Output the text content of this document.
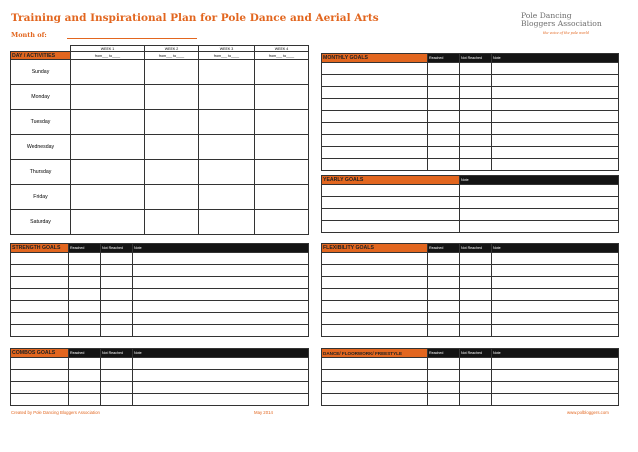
Training and Inspirational Plan for Pole Dance and Aerial Arts
Month of:
Pole Dancing
Bloggers Association
the voice of the pole world
	WEEK 1	WEEK 2	WEEK 3	WEEK 4
DAY / ACTIVITIES	from___ to____	from___ to____	from___ to____	from___ to____
Sunday				
Monday				
Tuesday				
Wednesday				
Thursday				
Friday				
Saturday				
MONTHLY GOALS	Reached	Not Reached	Note

YEARLY GOALS	Note

STRENGTH GOALS	Reached	Not Reached	Note

				FLEXIBILITY GOALS	Reached	Not Reached	Note

COMBOS GOALS	Reached	Not Reached	Note

				DANCE/ FLOORWORK/ FREESTYLE	Reached	Not Reached	Note

Created by Pole Dancing Bloggers Association	May 2014	www.polbloggers.com
